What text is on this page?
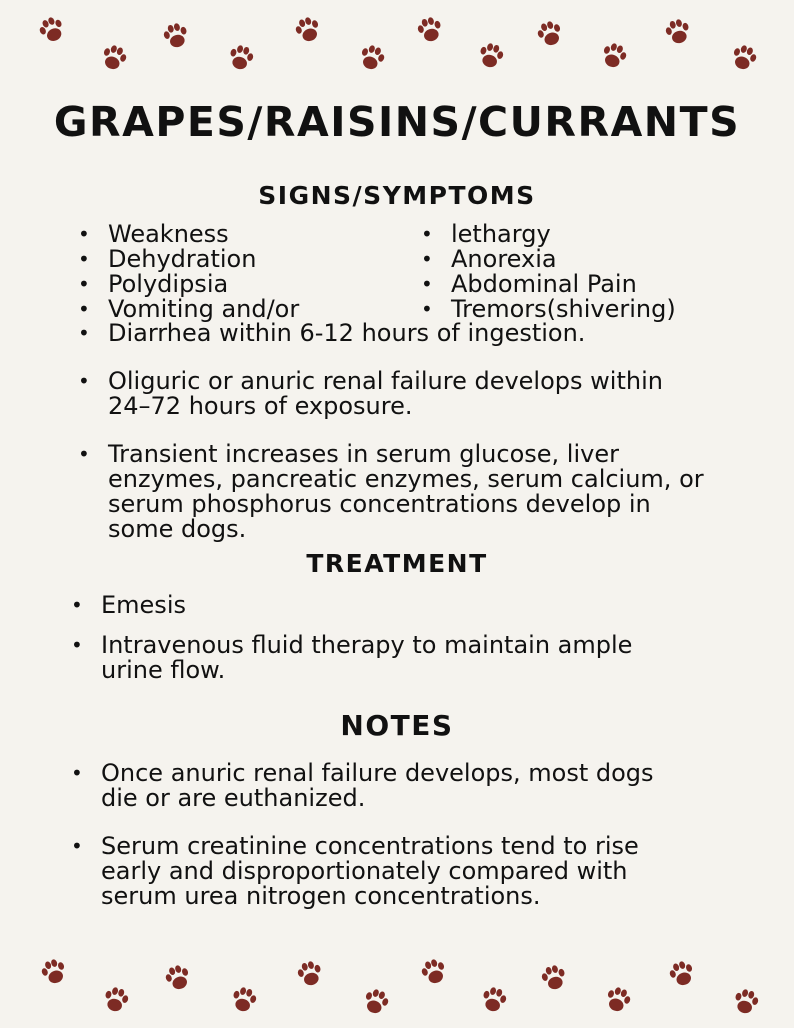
GRAPES/RAISINS/CURRANTS
SIGNS/SYMPTOMS
• Weakness
• Dehydration
• Polydipsia
• Vomiting and/or
• lethargy
• Anorexia
• Abdominal Pain
• Tremors(shivering)
• Diarrhea within 6-12 hours of ingestion.
• Oliguric or anuric renal failure develops within
24–72 hours of exposure.
• Transient increases in serum glucose, liver
enzymes, pancreatic enzymes, serum calcium, or
serum phosphorus concentrations develop in
some dogs.
TREATMENT
• Emesis
• Intravenous fluid therapy to maintain ample
urine flow.
NOTES
• Once anuric renal failure develops, most dogs
die or are euthanized.
• Serum creatinine concentrations tend to rise
early and disproportionately compared with
serum urea nitrogen concentrations.
